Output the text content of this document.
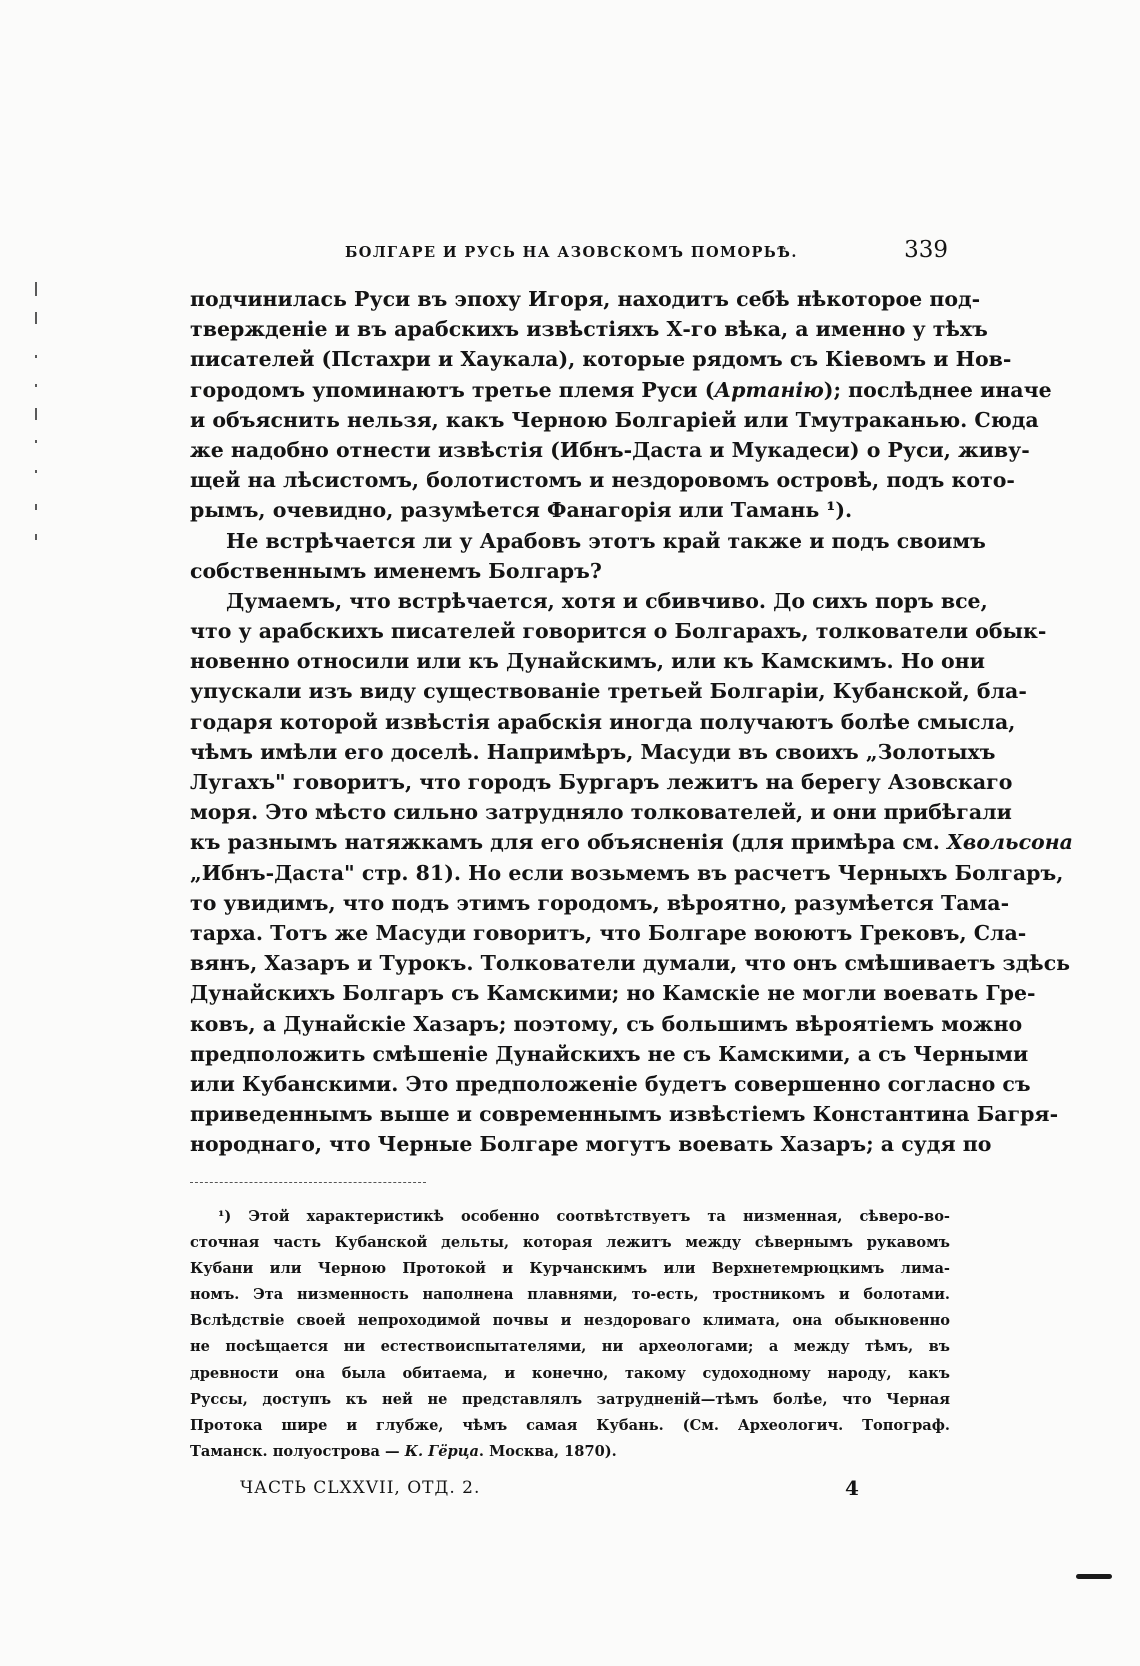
БОЛГАРЕ И РУСЬ НА АЗОВСКОМЪ ПОМОРЬѢ.	339
подчинилась Руси въ эпоху Игоря, находитъ себѣ нѣкоторое под-
твержденіе и въ арабскихъ извѣстіяхъ Х-го вѣка, а именно у тѣхъ
писателей (Пстахри и Хаукала), которые рядомъ съ Кіевомъ и Нов-
городомъ упоминаютъ третье племя Руси (Артанію); послѣднее иначе
и объяснить нельзя, какъ Черною Болгаріей или Тмутраканью. Сюда
же надобно отнести извѣстія (Ибнъ-Даста и Мукадеси) о Руси, живу-
щей на лѣсистомъ, болотистомъ и нездоровомъ островѣ, подъ кото-
рымъ, очевидно, разумѣется Фанагорія или Тамань ¹).
Не встрѣчается ли у Арабовъ этотъ край также и подъ своимъ
собственнымъ именемъ Болгаръ?
Думаемъ, что встрѣчается, хотя и сбивчиво. До сихъ поръ все,
что у арабскихъ писателей говорится о Болгарахъ, толкователи обык-
новенно относили или къ Дунайскимъ, или къ Камскимъ. Но они
упускали изъ виду существованіе третьей Болгаріи, Кубанской, бла-
годаря которой извѣстія арабскія иногда получаютъ болѣе смысла,
чѣмъ имѣли его доселѣ. Напримѣръ, Масуди въ своихъ „Золотыхъ
Лугахъ" говоритъ, что городъ Бургаръ лежитъ на берегу Азовскаго
моря. Это мѣсто сильно затрудняло толкователей, и они прибѣгали
къ разнымъ натяжкамъ для его объясненія (для примѣра см. Хвольсона
„Ибнъ-Даста" стр. 81). Но если возьмемъ въ расчетъ Черныхъ Болгаръ,
то увидимъ, что подъ этимъ городомъ, вѣроятно, разумѣется Тама-
тарха. Тотъ же Масуди говоритъ, что Болгаре воюютъ Грековъ, Сла-
вянъ, Хазаръ и Турокъ. Толкователи думали, что онъ смѣшиваетъ здѣсь
Дунайскихъ Болгаръ съ Камскими; но Камскіе не могли воевать Гре-
ковъ, а Дунайскіе Хазаръ; поэтому, съ большимъ вѣроятіемъ можно
предположить смѣшеніе Дунайскихъ не съ Камскими, а съ Черными
или Кубанскими. Это предположеніе будетъ совершенно согласно съ
приведеннымъ выше и современнымъ извѣстіемъ Константина Багря-
нороднаго, что Черные Болгаре могутъ воевать Хазаръ; а судя по
¹) Этой характеристикѣ особенно соотвѣтствуетъ та низменная, сѣверо-во-
сточная часть Кубанской дельты, которая лежитъ между сѣвернымъ рукавомъ
Кубани или Черною Протокой и Курчанскимъ или Верхнетемрюцкимъ лима-
номъ. Эта низменность наполнена плавнями, то-есть, тростникомъ и болотами.
Вслѣдствіе своей непроходимой почвы и нездороваго климата, она обыкновенно
не посѣщается ни естествоиспытателями, ни археологами; а между тѣмъ, въ
древности она была обитаема, и конечно, такому судоходному народу, какъ
Руссы, доступъ къ ней не представлялъ затрудненій—тѣмъ болѣе, что Черная
Протока шире и глубже, чѣмъ самая Кубань. (См. Археологич. Топограф.
Таманск. полуострова — К. Гёрца. Москва, 1870).
ЧАСТЬ CLXXVII, ОТД. 2.	4
